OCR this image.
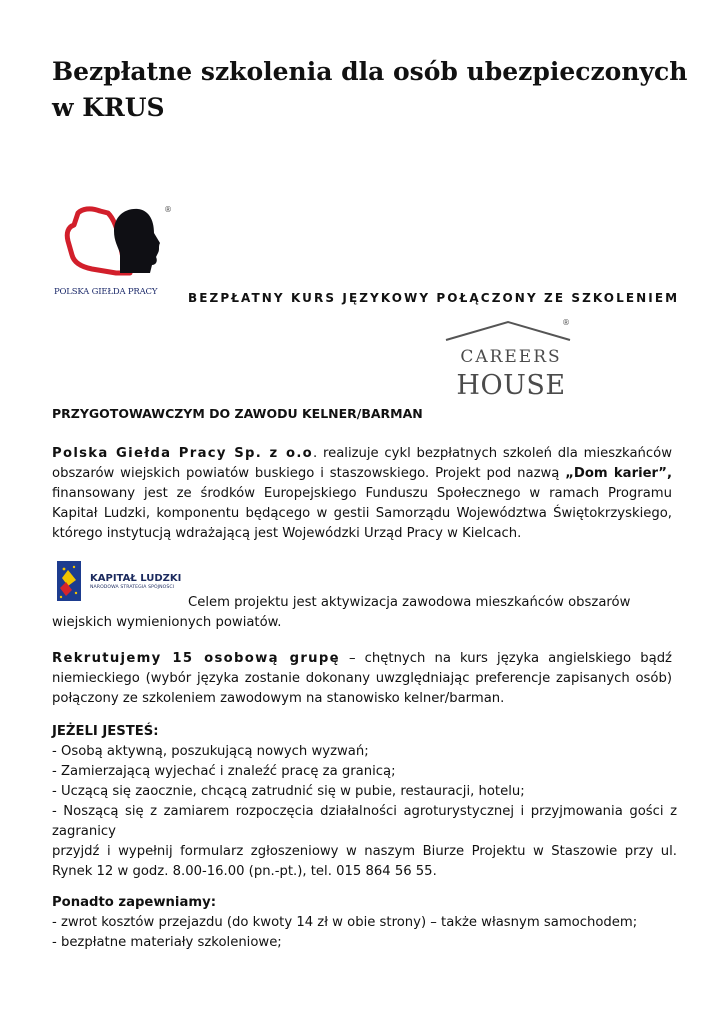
Bezpłatne szkolenia dla osób ubezpieczonych w KRUS
®
POLSKA GIEŁDA PRACY	BEZPŁATNY KURS JĘZYKOWY POŁĄCZONY ZE SZKOLENIEM
®
CAREERS
HOUSE
PRZYGOTOWAWCZYM DO ZAWODU KELNER/BARMAN

Polska Giełda Pracy Sp. z o.o. realizuje cykl bezpłatnych szkoleń dla mieszkańców obszarów wiejskich powiatów buskiego i staszowskiego. Projekt pod nazwą „Dom karier”, finansowany jest ze środków Europejskiego Funduszu Społecznego w ramach Programu Kapitał Ludzki, komponentu będącego w gestii Samorządu Województwa Świętokrzyskiego, którego instytucją wdrażającą jest Wojewódzki Urząd Pracy w Kielcach.

KAPITAŁ LUDZKI
NARODOWA STRATEGIA SPÓJNOŚCI
Celem projektu jest aktywizacja zawodowa mieszkańców obszarów
wiejskich wymienionych powiatów.

Rekrutujemy 15 osobową grupę – chętnych na kurs języka angielskiego bądź niemieckiego (wybór języka zostanie dokonany uwzględniając preferencje zapisanych osób) połączony ze szkoleniem zawodowym na stanowisko kelner/barman.

JEŻELI JESTEŚ:
- Osobą aktywną, poszukującą nowych wyzwań;
- Zamierzającą wyjechać i znaleźć pracę za granicą;
- Uczącą się zaocznie, chcącą zatrudnić się w pubie, restauracji, hotelu;
- Noszącą się z zamiarem rozpoczęcia działalności agroturystycznej i przyjmowania gości z zagranicy
przyjdź i wypełnij formularz zgłoszeniowy w naszym Biurze Projektu w Staszowie przy ul. Rynek 12 w godz. 8.00-16.00 (pn.-pt.), tel. 015 864 56 55.
Ponadto zapewniamy:
- zwrot kosztów przejazdu (do kwoty 14 zł w obie strony) – także własnym samochodem;
- bezpłatne materiały szkoleniowe;
